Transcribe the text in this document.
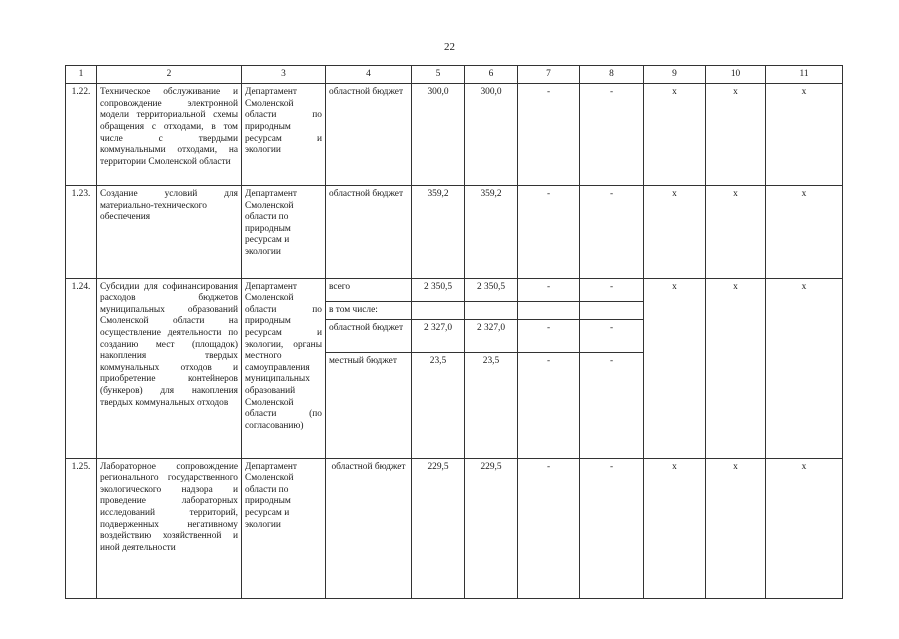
22
1	2	3	4	5	6	7	8	9	10	11
1.22.	Техническое обслуживание и сопровождение электронной модели территориальной схемы обращения с отходами, в том числе с твердыми коммунальными отходами, на территории Смоленской области	Департамент Смоленской области по природным ресурсам и экологии	областной бюджет	300,0	300,0	-	-	х	х	х
1.23.	Создание условий для материально-технического обеспечения	Департамент Смоленской области по природным ресурсам и экологии	областной бюджет	359,2	359,2	-	-	х	х	х
1.24.	Субсидии для софинансирования расходов бюджетов муниципальных образований Смоленской области на осуществление деятельности по созданию мест (площадок) накопления твердых коммунальных отходов и приобретение контейнеров (бункеров) для накопления твердых коммунальных отходов	Департамент Смоленской области по природным ресурсам и экологии, органы местного самоуправления муниципальных образований Смоленской области (по согласованию)	всего	2 350,5	2 350,5	-	-	х	х	х
			в том числе:							
			областной бюджет	2 327,0	2 327,0	-	-			
			местный бюджет	23,5	23,5	-	-			
1.25.	Лабораторное сопровождение регионального государственного экологического надзора и проведение лабораторных исследований территорий, подверженных негативному воздействию хозяйственной и иной деятельности	Департамент Смоленской области по природным ресурсам и экологии	областной бюджет	229,5	229,5	-	-	х	х	х
